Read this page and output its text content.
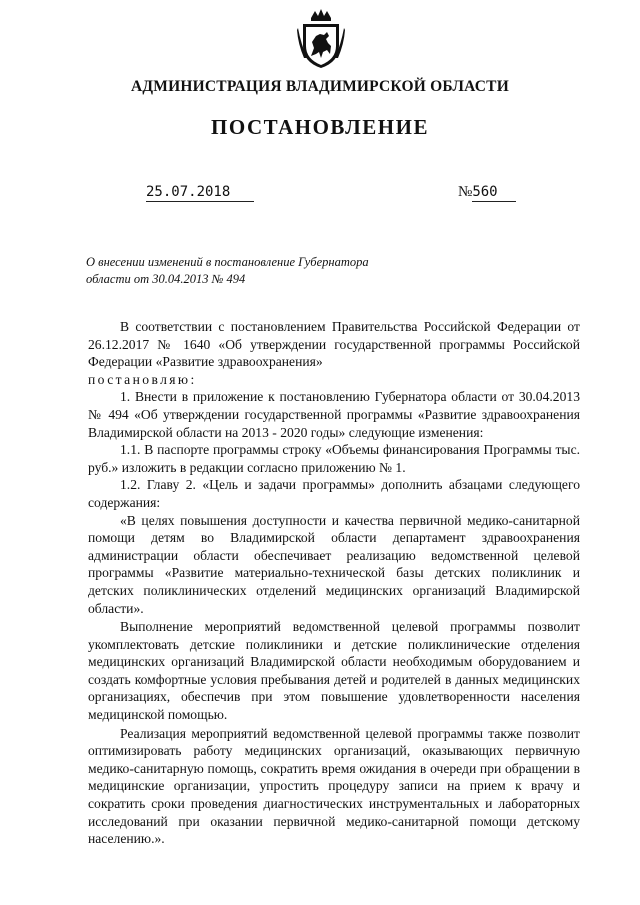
АДМИНИСТРАЦИЯ ВЛАДИМИРСКОЙ ОБЛАСТИ
ПОСТАНОВЛЕНИЕ
25.07.2018	№560
О внесении изменений в постановление Губернатора области от 30.04.2013 № 494

В соответствии с постановлением Правительства Российской Федерации от 26.12.2017 № 1640 «Об утверждении государственной программы Российской Федерации «Развитие здравоохранения»

постановляю:

1. Внести в приложение к постановлению Губернатора области от 30.04.2013 № 494 «Об утверждении государственной программы «Развитие здравоохранения Владимирской области на 2013 - 2020 годы» следующие изменения:

1.1. В паспорте программы строку «Объемы финансирования Программы тыс. руб.» изложить в редакции согласно приложению № 1.

1.2. Главу 2. «Цель и задачи программы» дополнить абзацами следующего содержания:

«В целях повышения доступности и качества первичной медико-санитарной помощи детям во Владимирской области департамент здравоохранения администрации области обеспечивает реализацию ведомственной целевой программы «Развитие материально-технической базы детских поликлиник и детских поликлинических отделений медицинских организаций Владимирской области».

Выполнение мероприятий ведомственной целевой программы позволит укомплектовать детские поликлиники и детские поликлинические отделения медицинских организаций Владимирской области необходимым оборудованием и создать комфортные условия пребывания детей и родителей в данных медицинских организациях, обеспечив при этом повышение удовлетворенности населения медицинской помощью.

Реализация мероприятий ведомственной целевой программы также позволит оптимизировать работу медицинских организаций, оказывающих первичную медико-санитарную помощь, сократить время ожидания в очереди при обращении в медицинские организации, упростить процедуру записи на прием к врачу и сократить сроки проведения диагностических инструментальных и лабораторных исследований при оказании первичной медико-санитарной помощи детскому населению.».
